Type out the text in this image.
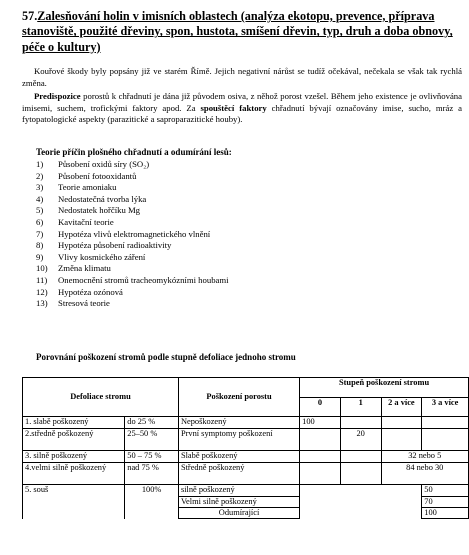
57.Zalesňování holin v imisních oblastech (analýza ekotopu, prevence, příprava stanoviště, použité dřeviny, spon, hustota, smíšení dřevin, typ, druh a doba obnovy, péče o kultury)
Kouřové škody byly popsány již ve starém Římě. Jejich negativní nárůst se tudíž očekával, nečekala se však tak rychlá změna.
Predispozice porostů k chřadnutí je dána již původem osiva, z něhož porost vzešel. Během jeho existence je ovlivňována imisemi, suchem, trofickými faktory apod. Za spouštěcí faktory chřadnutí bývají označovány imise, sucho, mráz a fytopatologické aspekty (parazitické a saproparazitické houby).
Teorie příčin plošného chřadnutí a odumírání lesů:
1) Působení oxidů síry (SO₂)
2) Působení fotooxidantů
3) Teorie amoniaku
4) Nedostatečná tvorba lýka
5) Nedostatek hořčíku Mg
6) Kavitační teorie
7) Hypotéza vlivů elektromagnetického vlnění
8) Hypotéza působení radioaktivity
9) Vlivy kosmického záření
10) Změna klimatu
11) Onemocnění stromů tracheomykózními houbami
12) Hypotéza ozónová
13) Stresová teorie
Porovnání poškození stromů podle stupně defoliace jednoho stromu
Defoliace stromu		Poškození porostu	Stupeň poškození stromu			
			0	1	2 a více	3 a více
1. slabě poškozený	do 25 %	Nepoškozený	100			
2.středně poškozený	25–50 %	První symptomy poškození		20		
3. silně poškozený	50 – 75 %	Slabě poškozený			32 nebo 5	
4.velmi silně poškozený	nad 75 %	Středně poškozený			84 nebo 30	
5. souš	100%	silně poškozený				50
		Velmi silně poškozený				70
		Odumírající				100
